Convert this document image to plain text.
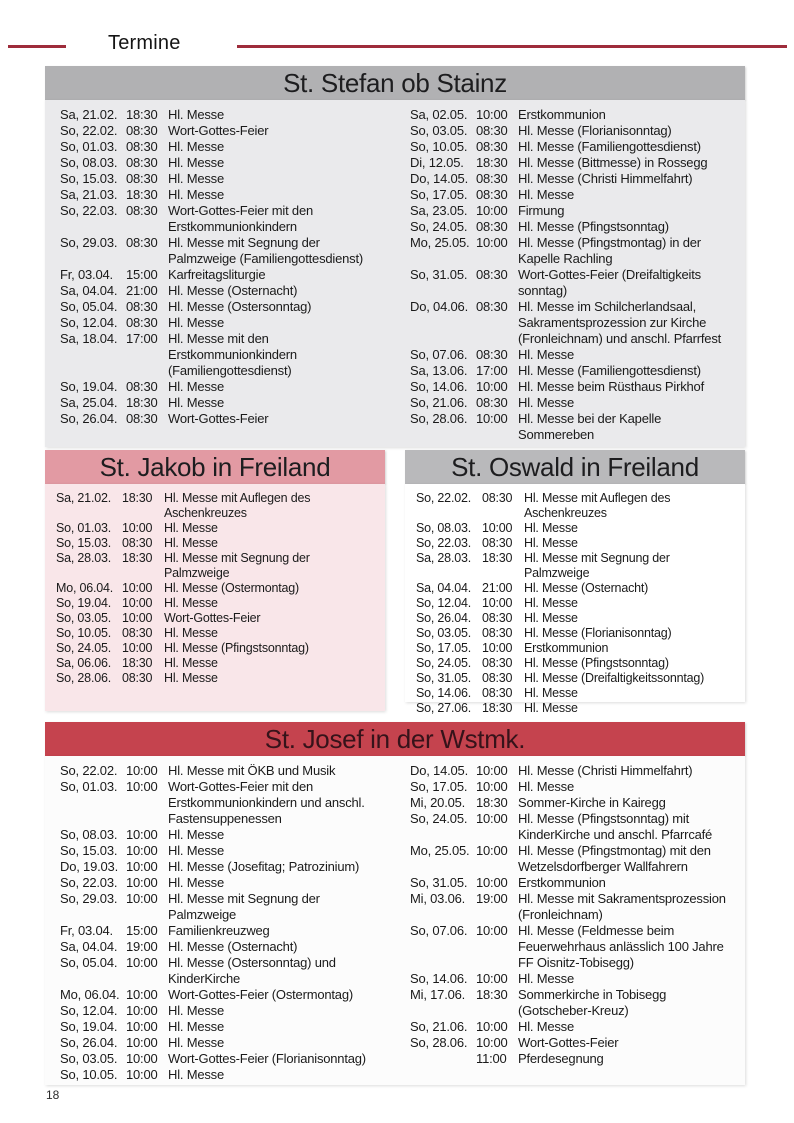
Termine
St. Stefan ob Stainz
Sa, 21.02. 18:30 Hl. Messe
So, 22.02. 08:30 Wort-Gottes-Feier
So, 01.03. 08:30 Hl. Messe
So, 08.03. 08:30 Hl. Messe
So, 15.03. 08:30 Hl. Messe
Sa, 21.03. 18:30 Hl. Messe
So, 22.03. 08:30 Wort-Gottes-Feier mit den Erstkommunionkindern
So, 29.03. 08:30 Hl. Messe mit Segnung der Palmzweige (Familiengottesdienst)
Fr, 03.04.	15:00 Karfreitagsliturgie
Sa, 04.04. 21:00 Hl. Messe (Osternacht)
So, 05.04. 08:30 Hl. Messe (Ostersonntag)
So, 12.04. 08:30 Hl. Messe
Sa, 18.04. 17:00 Hl. Messe mit den Erstkommunionkindern (Familiengottesdienst)
So, 19.04. 08:30 Hl. Messe
Sa, 25.04. 18:30 Hl. Messe
So, 26.04. 08:30 Wort-Gottes-Feier
Sa, 02.05. 10:00 Erstkommunion
So, 03.05. 08:30 Hl. Messe (Florianisonntag)
So, 10.05. 08:30 Hl. Messe (Familiengottesdienst)
Di, 12.05. 18:30 Hl. Messe (Bittmesse) in Rossegg
Do, 14.05. 08:30 Hl. Messe (Christi Himmelfahrt)
So, 17.05. 08:30 Hl. Messe
Sa, 23.05. 10:00 Firmung
So, 24.05. 08:30 Hl. Messe (Pfingstsonntag)
Mo, 25.05. 10:00 Hl. Messe (Pfingstmontag) in der Kapelle Rachling
So, 31.05. 08:30 Wort-Gottes-Feier (Dreifaltigkeits sonntag)
Do, 04.06. 08:30 Hl. Messe im Schilcherlandsaal, Sakramentsprozession zur Kirche (Fronleichnam) und anschl. Pfarrfest
So, 07.06. 08:30 Hl. Messe
Sa, 13.06. 17:00 Hl. Messe (Familiengottesdienst)
So, 14.06. 10:00 Hl. Messe beim Rüsthaus Pirkhof
So, 21.06. 08:30 Hl. Messe
So, 28.06. 10:00 Hl. Messe bei der Kapelle Sommereben
St. Jakob in Freiland
Sa, 21.02. 18:30 Hl. Messe mit Auflegen des Aschenkreuzes
So, 01.03. 10:00 Hl. Messe
So, 15.03. 08:30 Hl. Messe
Sa, 28.03. 18:30 Hl. Messe mit Segnung der Palmzweige
Mo, 06.04. 10:00 Hl. Messe (Ostermontag)
So, 19.04. 10:00 Hl. Messe
So, 03.05. 10:00 Wort-Gottes-Feier
So, 10.05. 08:30 Hl. Messe
So, 24.05. 10:00 Hl. Messe (Pfingstsonntag)
Sa, 06.06. 18:30 Hl. Messe
So, 28.06. 08:30 Hl. Messe
St. Oswald in Freiland
So, 22.02. 08:30 Hl. Messe mit Auflegen des Aschenkreuzes
So, 08.03. 10:00 Hl. Messe
So, 22.03. 08:30 Hl. Messe
Sa, 28.03. 18:30 Hl. Messe mit Segnung der Palmzweige
Sa, 04.04. 21:00 Hl. Messe (Osternacht)
So, 12.04. 10:00 Hl. Messe
So, 26.04. 08:30 Hl. Messe
So, 03.05. 08:30 Hl. Messe (Florianisonntag)
So, 17.05. 10:00 Erstkommunion
So, 24.05. 08:30 Hl. Messe (Pfingstsonntag)
So, 31.05. 08:30 Hl. Messe (Dreifaltigkeitssonntag)
So, 14.06. 08:30 Hl. Messe
So, 27.06. 18:30 Hl. Messe
St. Josef in der Wstmk.
So, 22.02. 10:00 Hl. Messe mit ÖKB und Musik
So, 01.03. 10:00 Wort-Gottes-Feier mit den Erstkommunionkindern und anschl. Fastensuppenessen
So, 08.03. 10:00 Hl. Messe
So, 15.03. 10:00 Hl. Messe
Do, 19.03. 10:00 Hl. Messe (Josefitag; Patrozinium)
So, 22.03. 10:00 Hl. Messe
So, 29.03. 10:00 Hl. Messe mit Segnung der Palmzweige
Fr, 03.04.	15:00 Familienkreuzweg
Sa, 04.04. 19:00 Hl. Messe (Osternacht)
So, 05.04. 10:00 Hl. Messe (Ostersonntag) und KinderKirche
Mo, 06.04. 10:00 Wort-Gottes-Feier (Ostermontag)
So, 12.04. 10:00 Hl. Messe
So, 19.04. 10:00 Hl. Messe
So, 26.04. 10:00 Hl. Messe
So, 03.05. 10:00 Wort-Gottes-Feier (Florianisonntag)
So, 10.05. 10:00 Hl. Messe
Do, 14.05. 10:00 Hl. Messe (Christi Himmelfahrt)
So, 17.05. 10:00 Hl. Messe
Mi, 20.05. 18:30 Sommer-Kirche in Kairegg
So, 24.05. 10:00 Hl. Messe (Pfingstsonntag) mit KinderKirche und anschl. Pfarrcafé
Mo, 25.05. 10:00 Hl. Messe (Pfingstmontag) mit den Wetzelsdorfberger Wallfahrern
So, 31.05. 10:00 Erstkommunion
Mi, 03.06. 19:00 Hl. Messe mit Sakramentsprozession (Fronleichnam)
So, 07.06. 10:00 Hl. Messe (Feldmesse beim Feuerwehrhaus anlässlich 100 Jahre FF Oisnitz-Tobisegg)
So, 14.06. 10:00 Hl. Messe
Mi, 17.06. 18:30 Sommerkirche in Tobisegg (Gotscheber-Kreuz)
So, 21.06. 10:00 Hl. Messe
So, 28.06. 10:00 Wort-Gottes-Feier
11:00 Pferdesegnung
18
